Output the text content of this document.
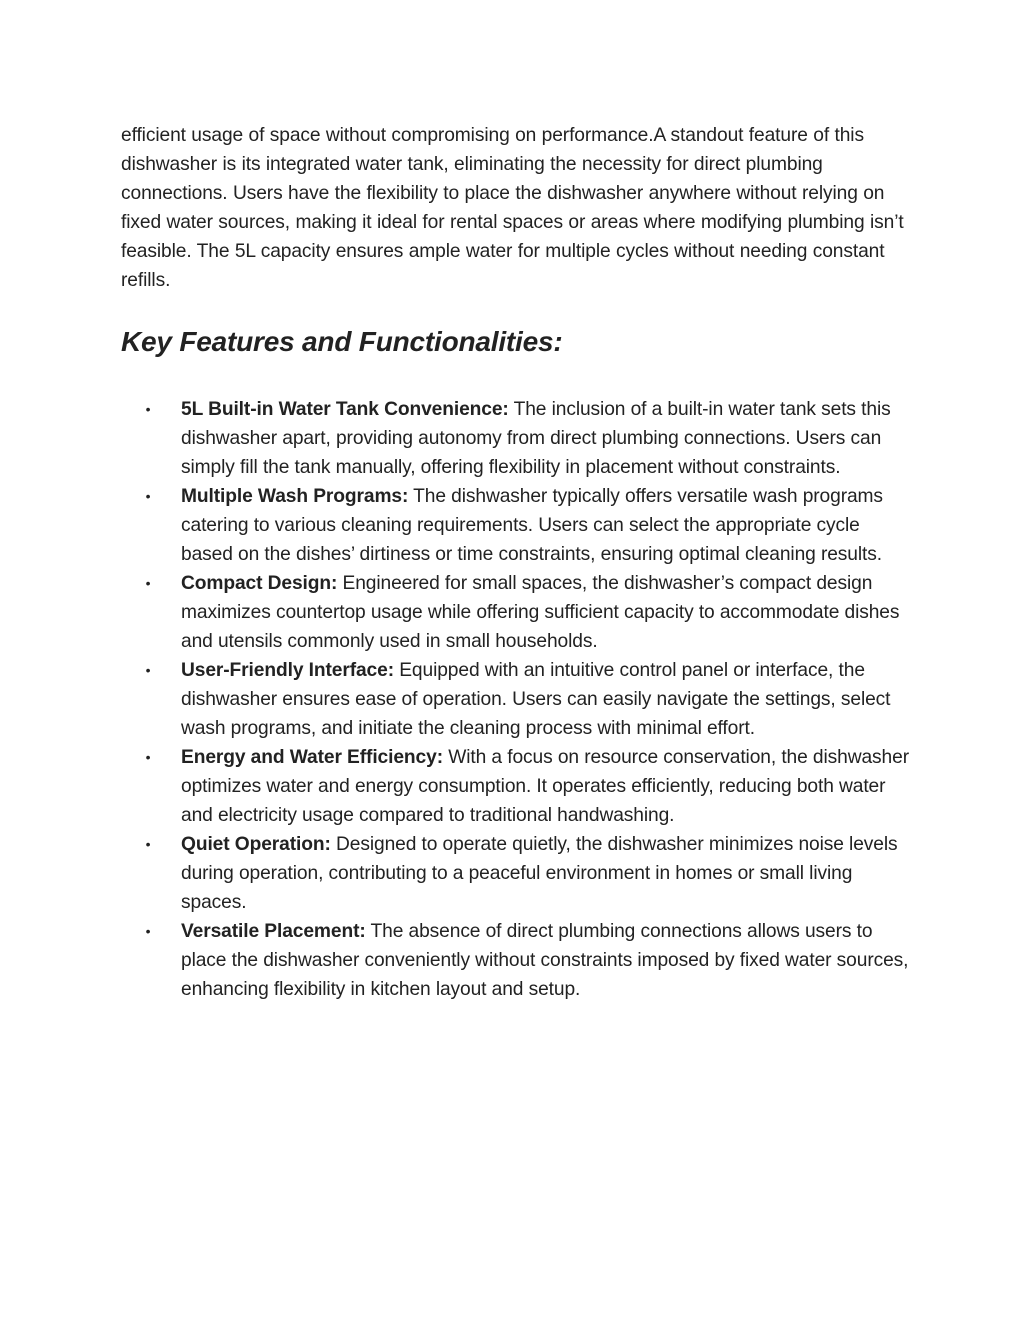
efficient usage of space without compromising on performance.A standout feature of this dishwasher is its integrated water tank, eliminating the necessity for direct plumbing connections. Users have the flexibility to place the dishwasher anywhere without relying on fixed water sources, making it ideal for rental spaces or areas where modifying plumbing isn’t feasible. The 5L capacity ensures ample water for multiple cycles without needing constant refills.

Key Features and Functionalities:
• 5L Built-in Water Tank Convenience: The inclusion of a built-in water tank sets this dishwasher apart, providing autonomy from direct plumbing connections. Users can simply fill the tank manually, offering flexibility in placement without constraints.
• Multiple Wash Programs: The dishwasher typically offers versatile wash programs catering to various cleaning requirements. Users can select the appropriate cycle based on the dishes’ dirtiness or time constraints, ensuring optimal cleaning results.
• Compact Design: Engineered for small spaces, the dishwasher’s compact design maximizes countertop usage while offering sufficient capacity to accommodate dishes and utensils commonly used in small households.
• User-Friendly Interface: Equipped with an intuitive control panel or interface, the dishwasher ensures ease of operation. Users can easily navigate the settings, select wash programs, and initiate the cleaning process with minimal effort.
• Energy and Water Efficiency: With a focus on resource conservation, the dishwasher optimizes water and energy consumption. It operates efficiently, reducing both water and electricity usage compared to traditional handwashing.
• Quiet Operation: Designed to operate quietly, the dishwasher minimizes noise levels during operation, contributing to a peaceful environment in homes or small living spaces.
• Versatile Placement: The absence of direct plumbing connections allows users to place the dishwasher conveniently without constraints imposed by fixed water sources, enhancing flexibility in kitchen layout and setup.
